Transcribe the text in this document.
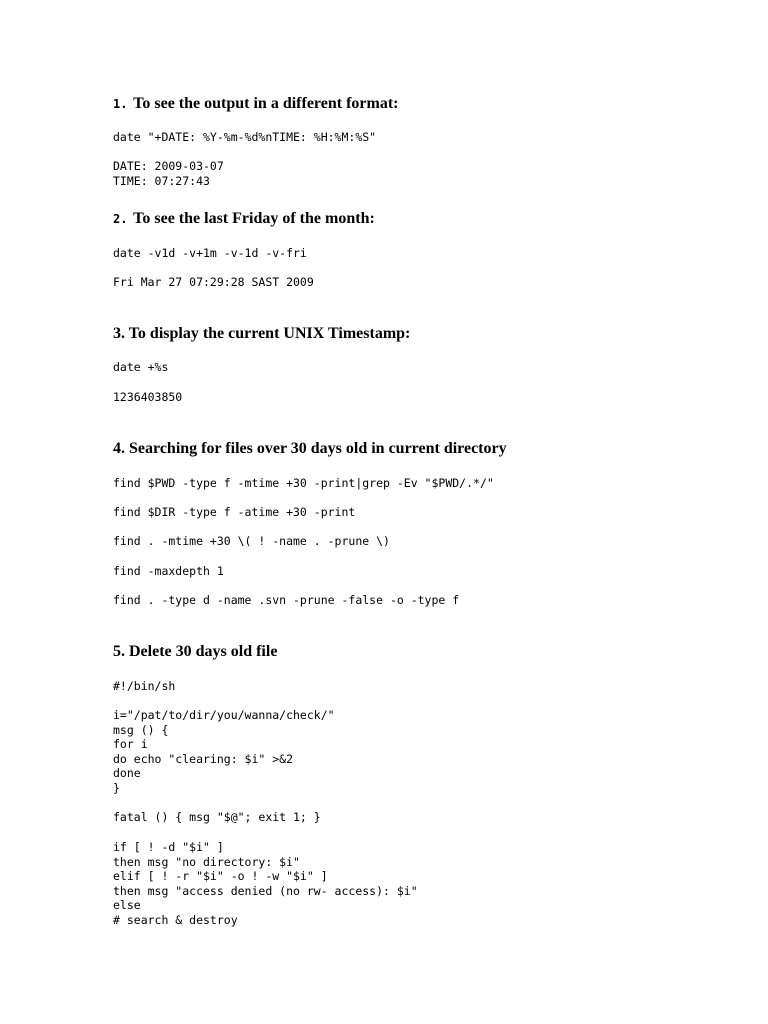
1. To see the output in a different format:
date "+DATE: %Y-%m-%d%nTIME: %H:%M:%S"
DATE: 2009-03-07
TIME: 07:27:43
2. To see the last Friday of the month:
date -v1d -v+1m -v-1d -v-fri
Fri Mar 27 07:29:28 SAST 2009
3. To display the current UNIX Timestamp:
date +%s
1236403850
4. Searching for files over 30 days old in current directory
find $PWD -type f -mtime +30 -print|grep -Ev "$PWD/.*/"
find $DIR -type f -atime +30 -print
find . -mtime +30 \( ! -name . -prune \)
find -maxdepth 1
find . -type d -name .svn -prune -false -o -type f
5. Delete 30 days old file
#!/bin/sh
i="/pat/to/dir/you/wanna/check/"
msg () {
for i
do echo "clearing: $i" >&2
done
}
fatal () { msg "$@"; exit 1; }
if [ ! -d "$i" ]
then msg "no directory: $i"
elif [ ! -r "$i" -o ! -w "$i" ]
then msg "access denied (no rw- access): $i"
else
# search & destroy
